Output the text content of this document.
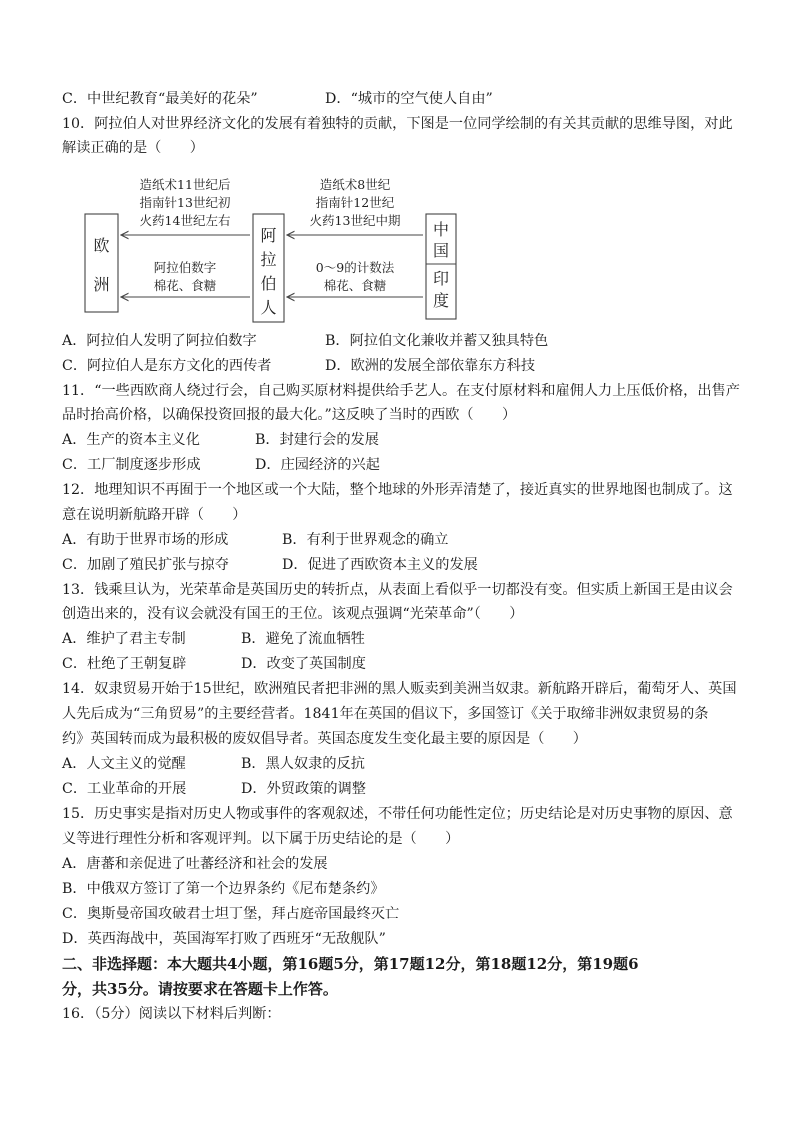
C．中世纪教育“最美好的花朵”	D．“城市的空气使人自由”
10．阿拉伯人对世界经济文化的发展有着独特的贡献，下图是一位同学绘制的有关其贡献的思维导图，对此
解读正确的是（　　）
欧
洲
阿
拉
伯
人
中
国
印
度
造纸术11世纪后
指南针13世纪初
火药14世纪左右
造纸术8世纪
指南针12世纪
火药13世纪中期
阿拉伯数字
棉花、食糖
0～9的计数法
棉花、食糖
A．阿拉伯人发明了阿拉伯数字	B．阿拉伯文化兼收并蓄又独具特色
C．阿拉伯人是东方文化的西传者	D．欧洲的发展全部依靠东方科技
11．“一些西欧商人绕过行会，自己购买原材料提供给手艺人。在支付原材料和雇佣人力上压低价格，出售产
品时抬高价格，以确保投资回报的最大化。”这反映了当时的西欧（　　）
A．生产的资本主义化	B．封建行会的发展
C．工厂制度逐步形成	D．庄园经济的兴起
12．地理知识不再囿于一个地区或一个大陆，整个地球的外形弄清楚了，接近真实的世界地图也制成了。这
意在说明新航路开辟（　　）
A．有助于世界市场的形成	B．有利于世界观念的确立
C．加剧了殖民扩张与掠夺	D．促进了西欧资本主义的发展
13．钱乘旦认为，光荣革命是英国历史的转折点，从表面上看似乎一切都没有变。但实质上新国王是由议会
创造出来的，没有议会就没有国王的王位。该观点强调“光荣革命”（　　）
A．维护了君主专制	B．避免了流血牺牲
C．杜绝了王朝复辟	D．改变了英国制度
14．奴隶贸易开始于15世纪，欧洲殖民者把非洲的黑人贩卖到美洲当奴隶。新航路开辟后，葡萄牙人、英国
人先后成为“三角贸易”的主要经营者。1841年在英国的倡议下，多国签订《关于取缔非洲奴隶贸易的条
约》英国转而成为最积极的废奴倡导者。英国态度发生变化最主要的原因是（　　）
A．人文主义的觉醒	B．黑人奴隶的反抗
C．工业革命的开展	D．外贸政策的调整
15．历史事实是指对历史人物或事件的客观叙述，不带任何功能性定位；历史结论是对历史事物的原因、意
义等进行理性分析和客观评判。以下属于历史结论的是（　　）
A．唐蕃和亲促进了吐蕃经济和社会的发展
B．中俄双方签订了第一个边界条约《尼布楚条约》
C．奥斯曼帝国攻破君士坦丁堡，拜占庭帝国最终灭亡
D．英西海战中，英国海军打败了西班牙“无敌舰队”
二、非选择题：本大题共4小题，第16题5分，第17题12分，第18题12分，第19题6
分，共35分。请按要求在答题卡上作答。
16．（5分）阅读以下材料后判断：
